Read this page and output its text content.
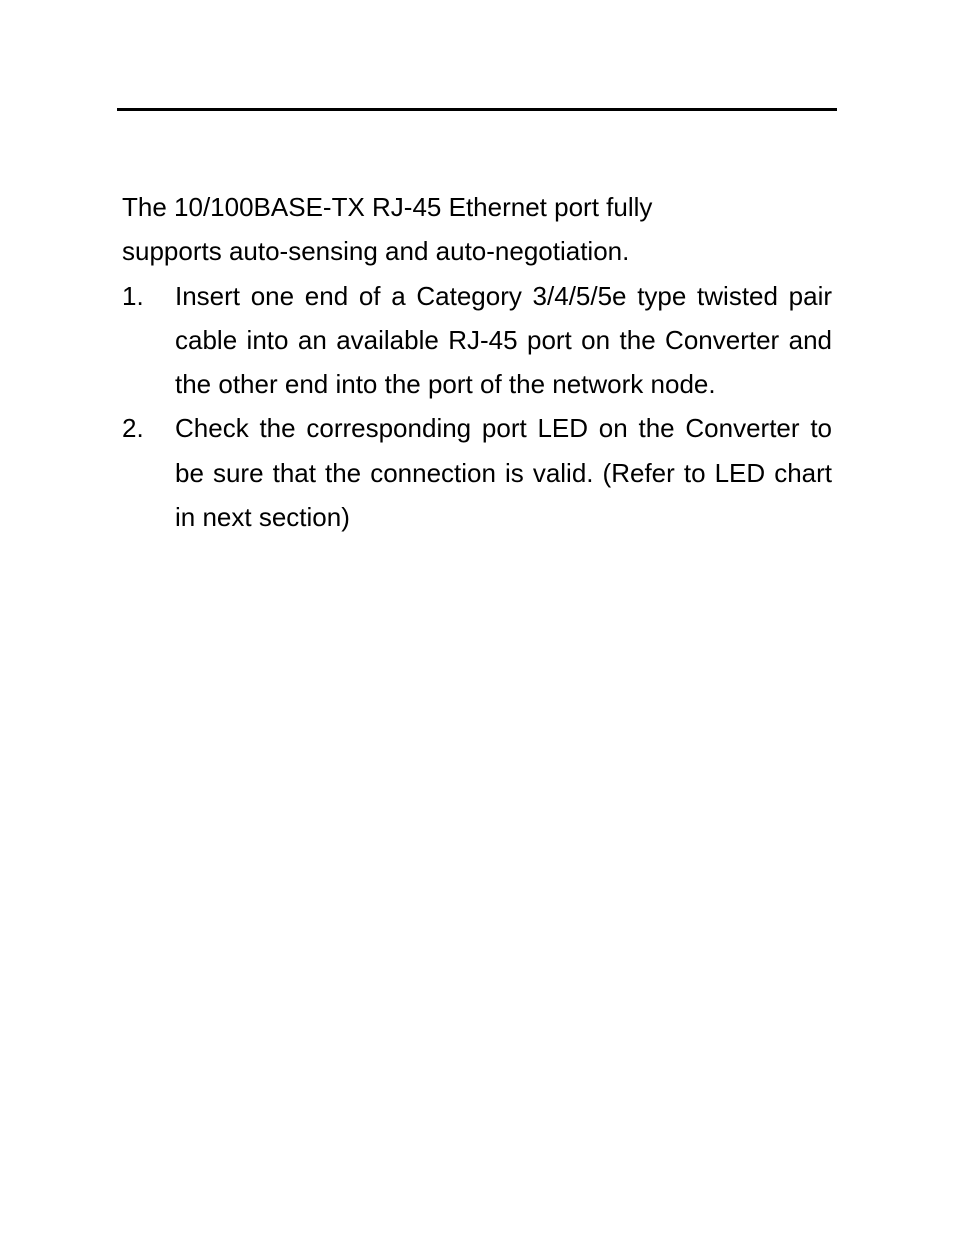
The 10/100BASE-TX RJ-45 Ethernet port fully
supports auto-sensing and auto-negotiation.

1.	Insert one end of a Category 3/4/5/5e type twisted pair cable into an available RJ-45 port on the Converter and the other end into the port of the network node.
2.	Check the corresponding port LED on the Converter to be sure that the connection is valid. (Refer to LED chart in next section)
